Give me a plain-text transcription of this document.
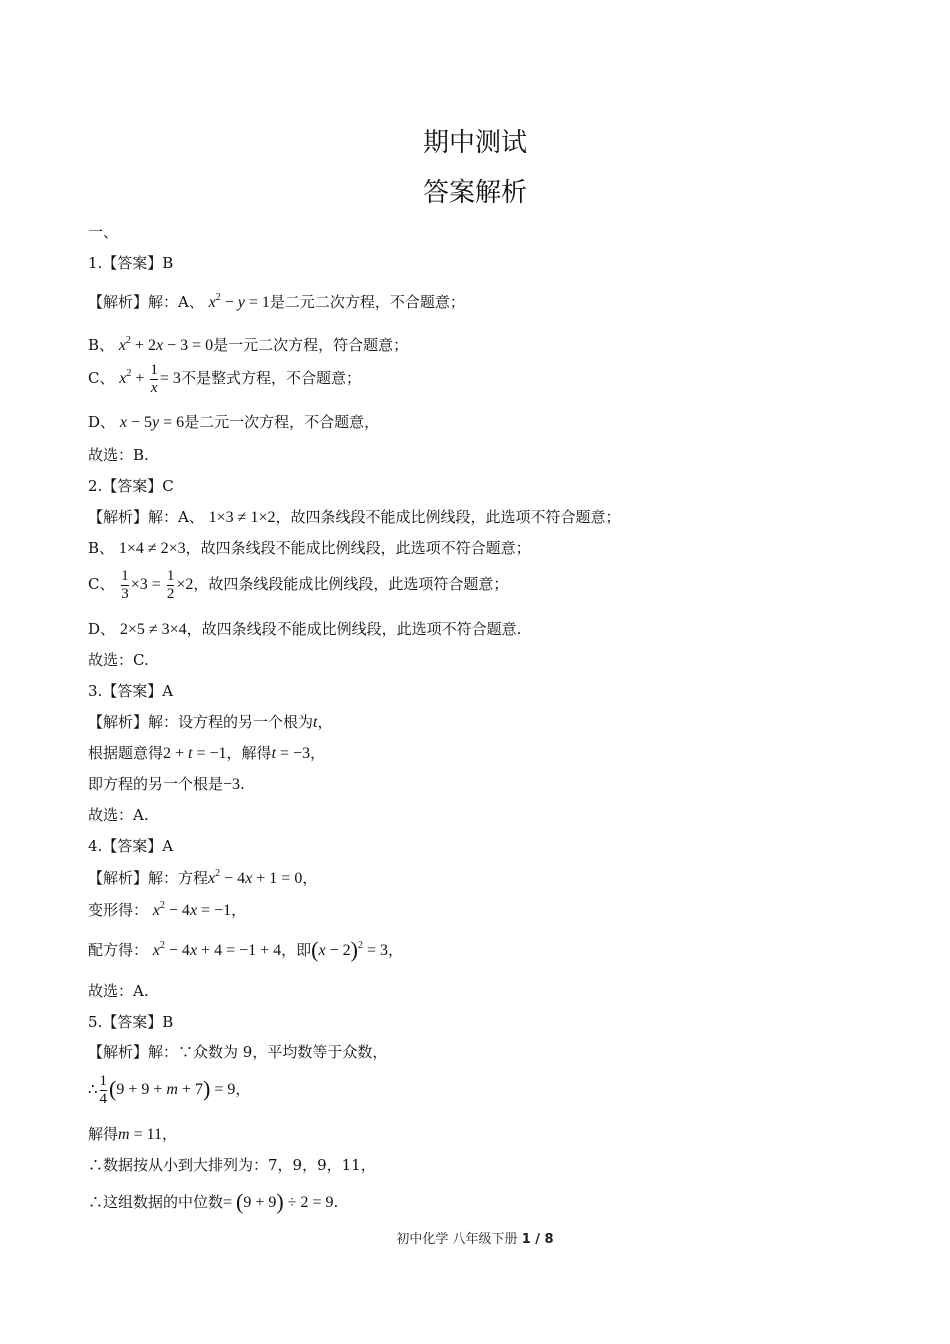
期中测试
答案解析
一、
1.【答案】B
【解析】解：A、 $x^2 - y = 1$是二元二次方程，不合题意；
B、 $x^2 + 2x - 3 = 0$是一元二次方程，符合题意；
C、 $x^2 + \frac{1}{x} = 3$不是整式方程，不合题意；
D、 x − 5y = 6是二元一次方程，不合题意，
故选：B.
2.【答案】C
【解析】解：A、 1×3 ≠ 1×2，故四条线段不能成比例线段，此选项不符合题意；
B、 1×4 ≠ 2×3，故四条线段不能成比例线段，此选项不符合题意；
C、 $\frac{1}{3} \times 3 = \frac{1}{2} \times 2$，故四条线段能成比例线段，此选项符合题意；
D、 2×5 ≠ 3×4，故四条线段不能成比例线段，此选项不符合题意.
故选：C.
3.【答案】A
【解析】解：设方程的另一个根为t，
根据题意得2 + t = −1，解得t = −3，
即方程的另一个根是−3.
故选：A.
4.【答案】A
【解析】解：方程$x^2 - 4x + 1 = 0$，
变形得： $x^2 - 4x = -1$，
配方得： $x^2 - 4x + 4 = -1 + 4$，即$(x - 2)^2 = 3$，
故选：A.
5.【答案】B
【解析】解：∵众数为 9，平均数等于众数，
∴ $\frac{1}{4} (9 + 9 + m + 7) = 9$，
解得m = 11，
∴数据按从小到大排列为：7，9，9，11，
∴这组数据的中位数= (9 + 9) ÷ 2 = 9.
初中化学 八年级下册 1 / 8
